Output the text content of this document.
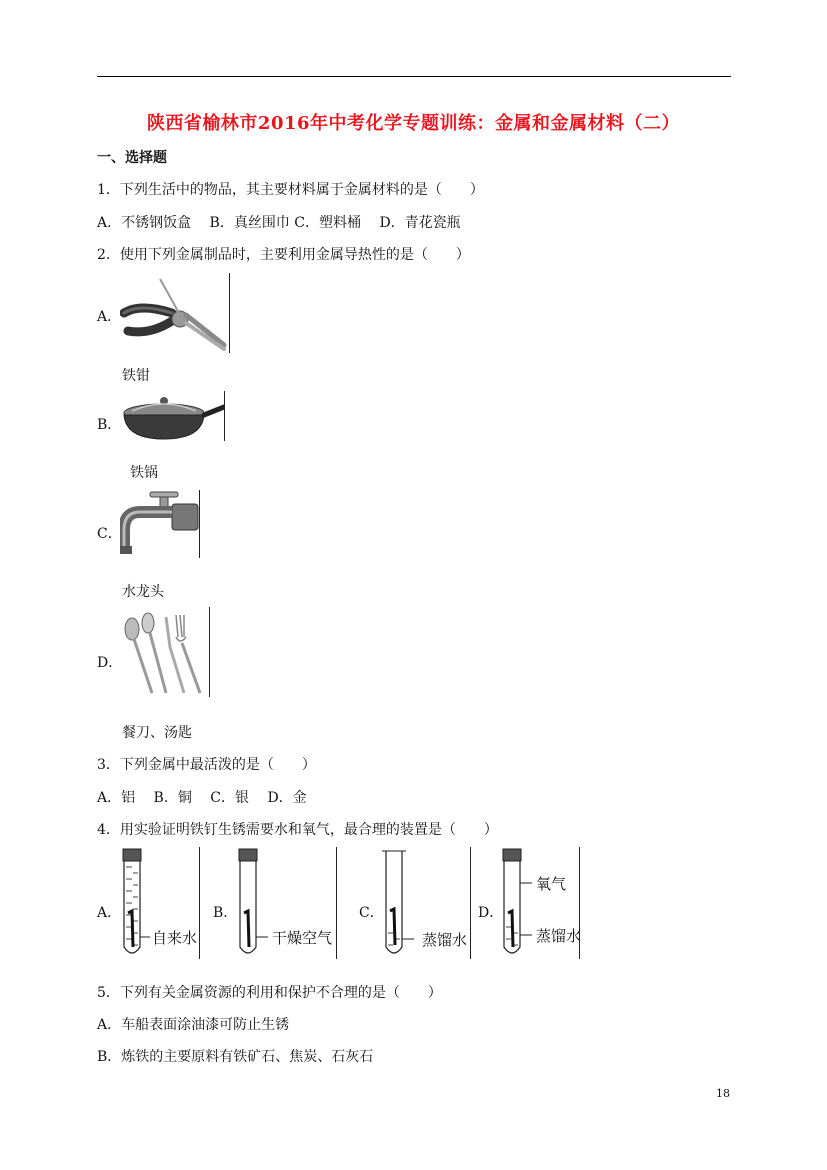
陕西省榆林市2016年中考化学专题训练：金属和金属材料（二）
一、选择题
1．下列生活中的物品，其主要材料属于金属材料的是（　　）
A．不锈钢饭盒　 B．真丝围巾 C．塑料桶　 D．青花瓷瓶
2．使用下列金属制品时，主要利用金属导热性的是（　　）
A．
铁钳
B．
铁锅
C．
水龙头
D．
餐刀、汤匙
3．下列金属中最活泼的是（　　）
A．铝　 B．铜　 C．银　 D．金
4．用实验证明铁钉生锈需要水和氧气，最合理的装置是（　　）
A．
自来水
B．
干燥空气
C．
蒸馏水
D．
氧气
蒸馏水
5．下列有关金属资源的利用和保护不合理的是（　　）
A．车船表面涂油漆可防止生锈
B．炼铁的主要原料有铁矿石、焦炭、石灰石
18
